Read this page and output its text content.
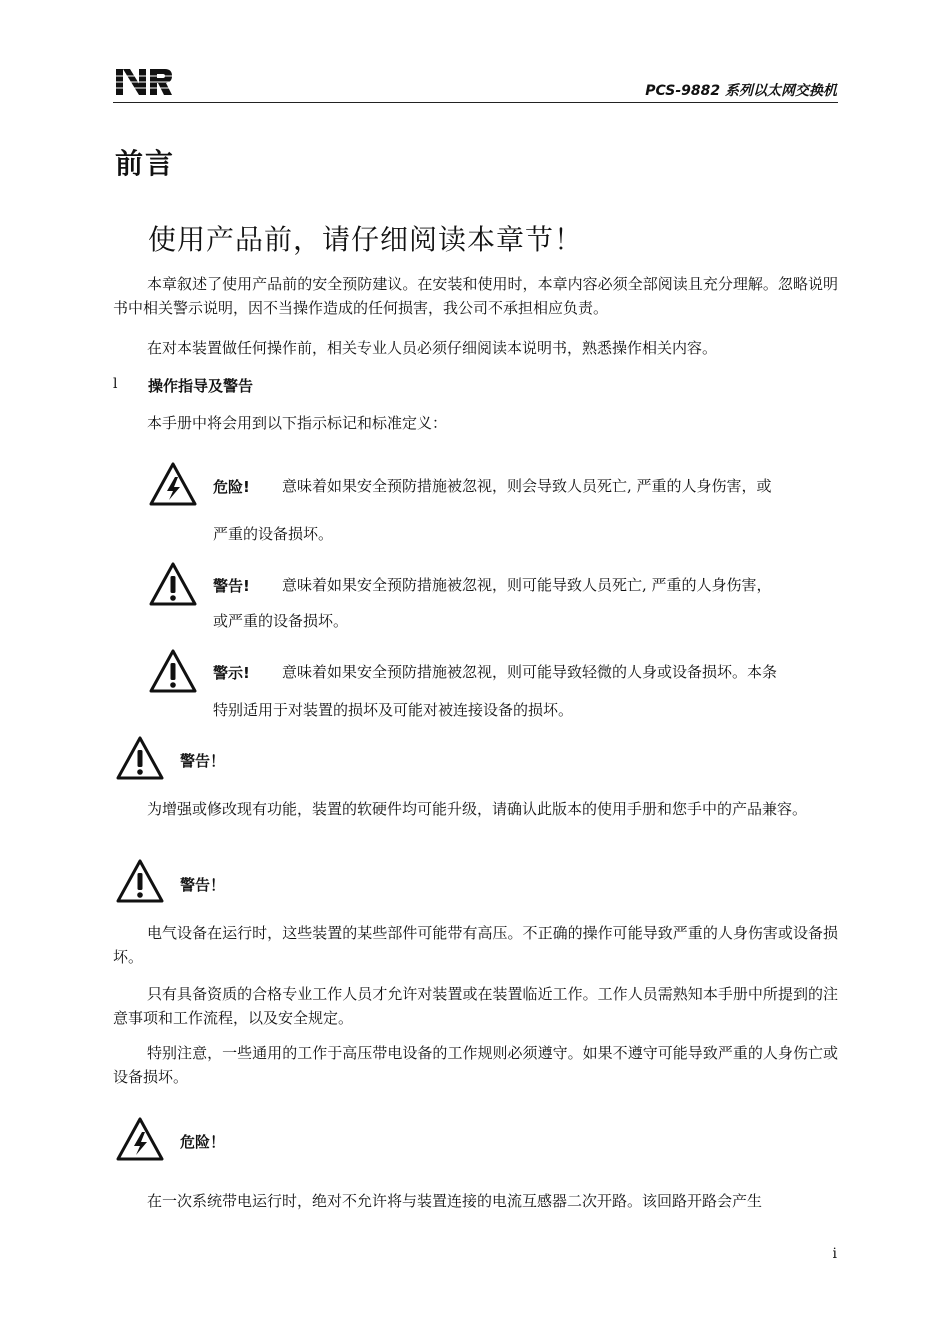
PCS-9882 系列以太网交换机
前言
使用产品前，请仔细阅读本章节！

本章叙述了使用产品前的安全预防建议。在安装和使用时，本章内容必须全部阅读且充分理解。忽略说明书中相关警示说明，因不当操作造成的任何损害，我公司不承担相应负责。

在对本装置做任何操作前，相关专业人员必须仔细阅读本说明书，熟悉操作相关内容。

l 操作指导及警告

本手册中将会用到以下指示标记和标准定义：

危险! 意味着如果安全预防措施被忽视，则会导致人员死亡, 严重的人身伤害，或

严重的设备损坏。

警告! 意味着如果安全预防措施被忽视，则可能导致人员死亡, 严重的人身伤害，

或严重的设备损坏。

警示! 意味着如果安全预防措施被忽视，则可能导致轻微的人身或设备损坏。本条

特别适用于对装置的损坏及可能对被连接设备的损坏。

警告！

为增强或修改现有功能，装置的软硬件均可能升级，请确认此版本的使用手册和您手中的产品兼容。

警告！

电气设备在运行时，这些装置的某些部件可能带有高压。不正确的操作可能导致严重的人身伤害或设备损坏。

只有具备资质的合格专业工作人员才允许对装置或在装置临近工作。工作人员需熟知本手册中所提到的注意事项和工作流程，以及安全规定。

特别注意，一些通用的工作于高压带电设备的工作规则必须遵守。如果不遵守可能导致严重的人身伤亡或设备损坏。

危险！

在一次系统带电运行时，绝对不允许将与装置连接的电流互感器二次开路。该回路开路会产生

i
